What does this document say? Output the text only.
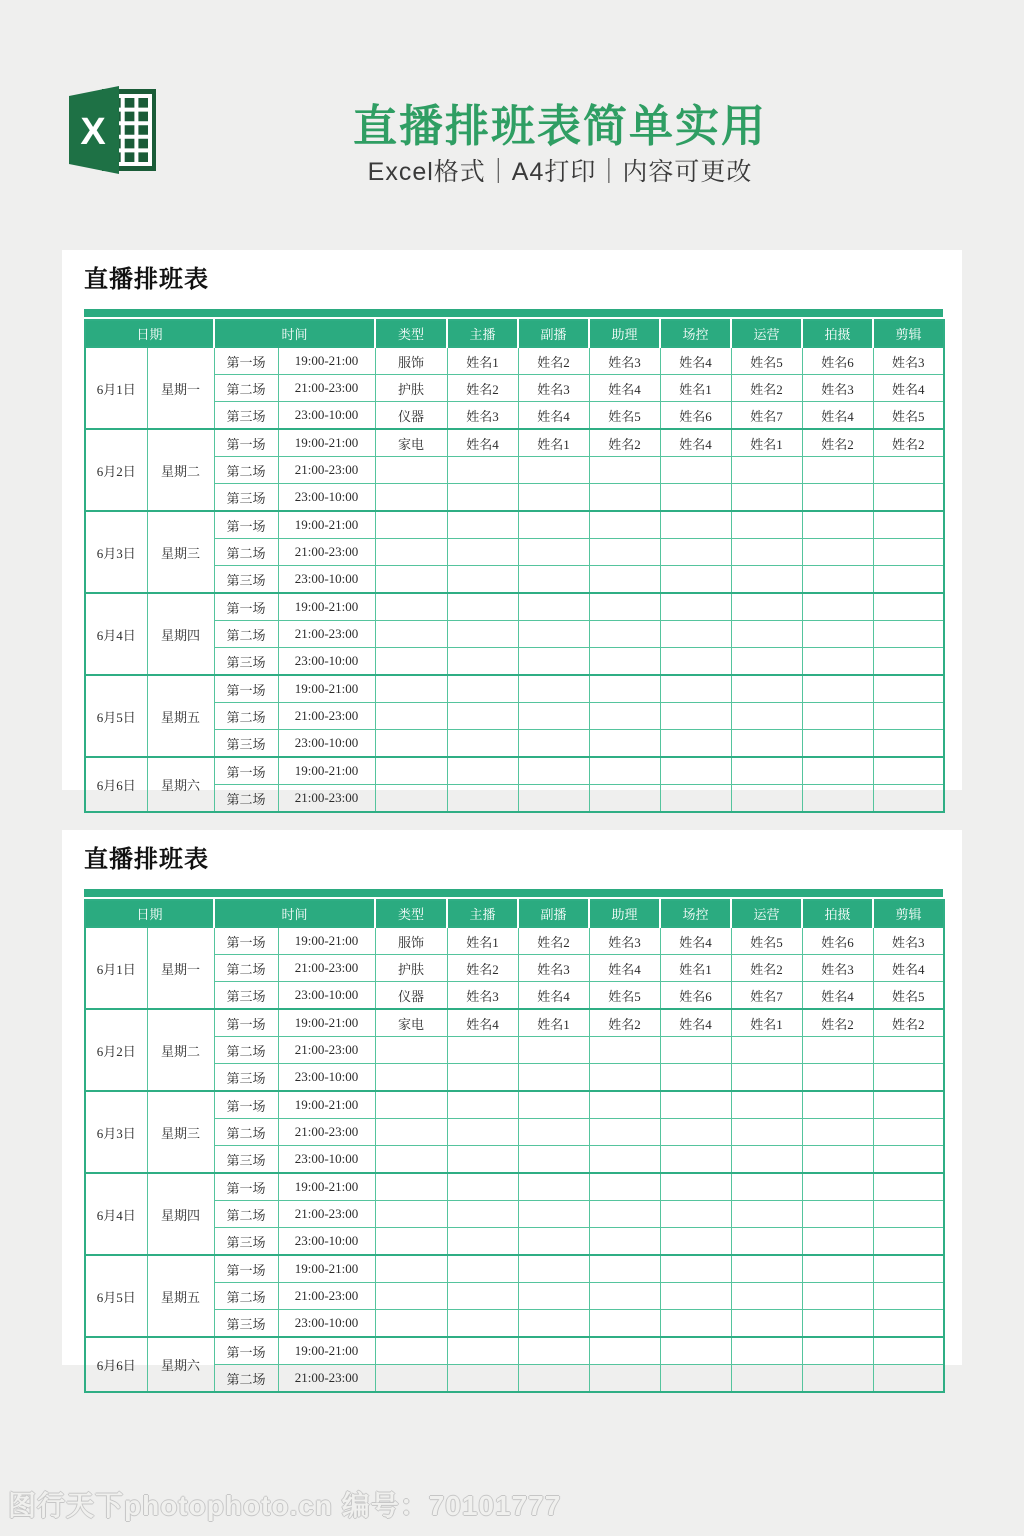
X	直播排班表简单实用
Excel格式｜A4打印｜内容可更改
直播排班表
日期		时间		类型	主播	副播	助理	场控	运营	拍摄	剪辑
6月1日	星期一	第一场	19:00-21:00	服饰	姓名1	姓名2	姓名3	姓名4	姓名5	姓名6	姓名3
		第二场	21:00-23:00	护肤	姓名2	姓名3	姓名4	姓名1	姓名2	姓名3	姓名4
		第三场	23:00-10:00	仪器	姓名3	姓名4	姓名5	姓名6	姓名7	姓名4	姓名5
6月2日	星期二	第一场	19:00-21:00	家电	姓名4	姓名1	姓名2	姓名4	姓名1	姓名2	姓名2
		第二场	21:00-23:00								
		第三场	23:00-10:00								
6月3日	星期三	第一场	19:00-21:00								
		第二场	21:00-23:00								
		第三场	23:00-10:00								
6月4日	星期四	第一场	19:00-21:00								
		第二场	21:00-23:00								
		第三场	23:00-10:00								
6月5日	星期五	第一场	19:00-21:00								
		第二场	21:00-23:00								
		第三场	23:00-10:00								
6月6日	星期六	第一场	19:00-21:00								
		第二场	21:00-23:00								
直播排班表
日期		时间		类型	主播	副播	助理	场控	运营	拍摄	剪辑
6月1日	星期一	第一场	19:00-21:00	服饰	姓名1	姓名2	姓名3	姓名4	姓名5	姓名6	姓名3
		第二场	21:00-23:00	护肤	姓名2	姓名3	姓名4	姓名1	姓名2	姓名3	姓名4
		第三场	23:00-10:00	仪器	姓名3	姓名4	姓名5	姓名6	姓名7	姓名4	姓名5
6月2日	星期二	第一场	19:00-21:00	家电	姓名4	姓名1	姓名2	姓名4	姓名1	姓名2	姓名2
		第二场	21:00-23:00								
		第三场	23:00-10:00								
6月3日	星期三	第一场	19:00-21:00								
		第二场	21:00-23:00								
		第三场	23:00-10:00								
6月4日	星期四	第一场	19:00-21:00								
		第二场	21:00-23:00								
		第三场	23:00-10:00								
6月5日	星期五	第一场	19:00-21:00								
		第二场	21:00-23:00								
		第三场	23:00-10:00								
6月6日	星期六	第一场	19:00-21:00								
		第二场	21:00-23:00								
图行天下photophoto.cn 编号：70101777
